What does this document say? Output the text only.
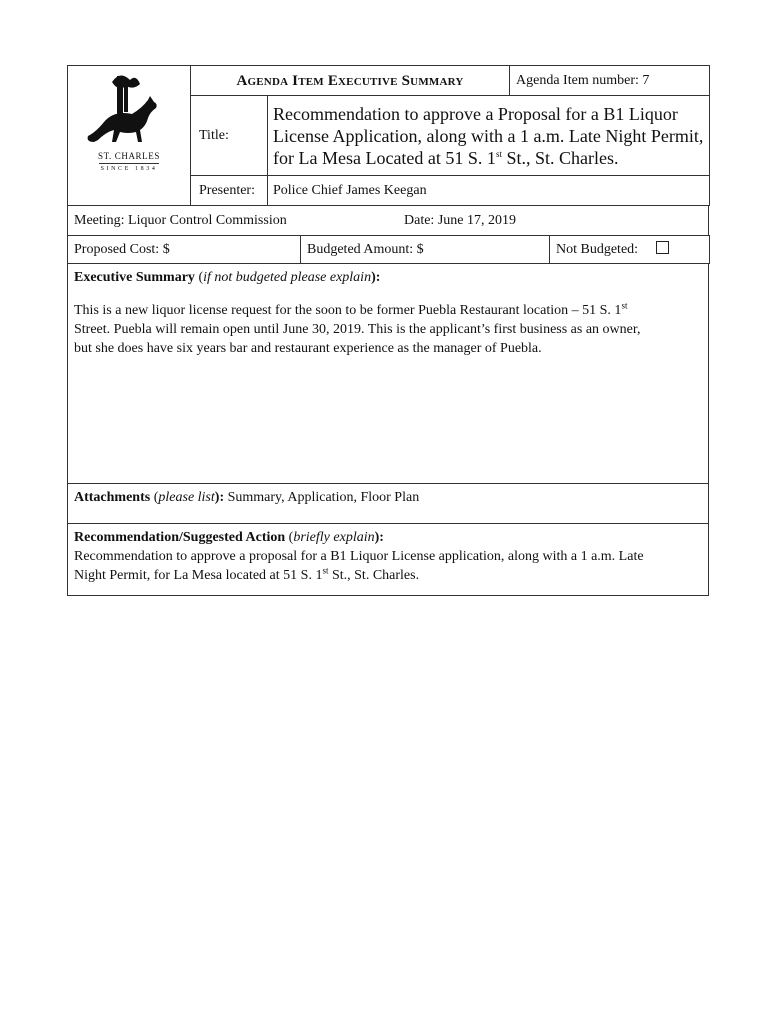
ST. CHARLES
SINCE 1834	Agenda Item Executive Summary		Agenda Item number: 7
	Title:	Recommendation to approve a Proposal for a B1 Liquor
License Application, along with a 1 a.m. Late Night Permit,
for La Mesa Located at 51 S. 1st St., St. Charles.	

	Presenter:	Police Chief James Keegan	
Meeting: Liquor Control Commission	Date: June 17, 2019
Proposed Cost: $	Budgeted Amount: $	Not Budgeted:
Executive Summary (if not budgeted please explain):
This is a new liquor license request for the soon to be former Puebla Restaurant location – 51 S. 1st
Street. Puebla will remain open until June 30, 2019. This is the applicant’s first business as an owner,
but she does have six years bar and restaurant experience as the manager of Puebla.
Attachments (please list): Summary, Application, Floor Plan
Recommendation/Suggested Action (briefly explain):
Recommendation to approve a proposal for a B1 Liquor License application, along with a 1 a.m. Late
Night Permit, for La Mesa located at 51 S. 1st St., St. Charles.
